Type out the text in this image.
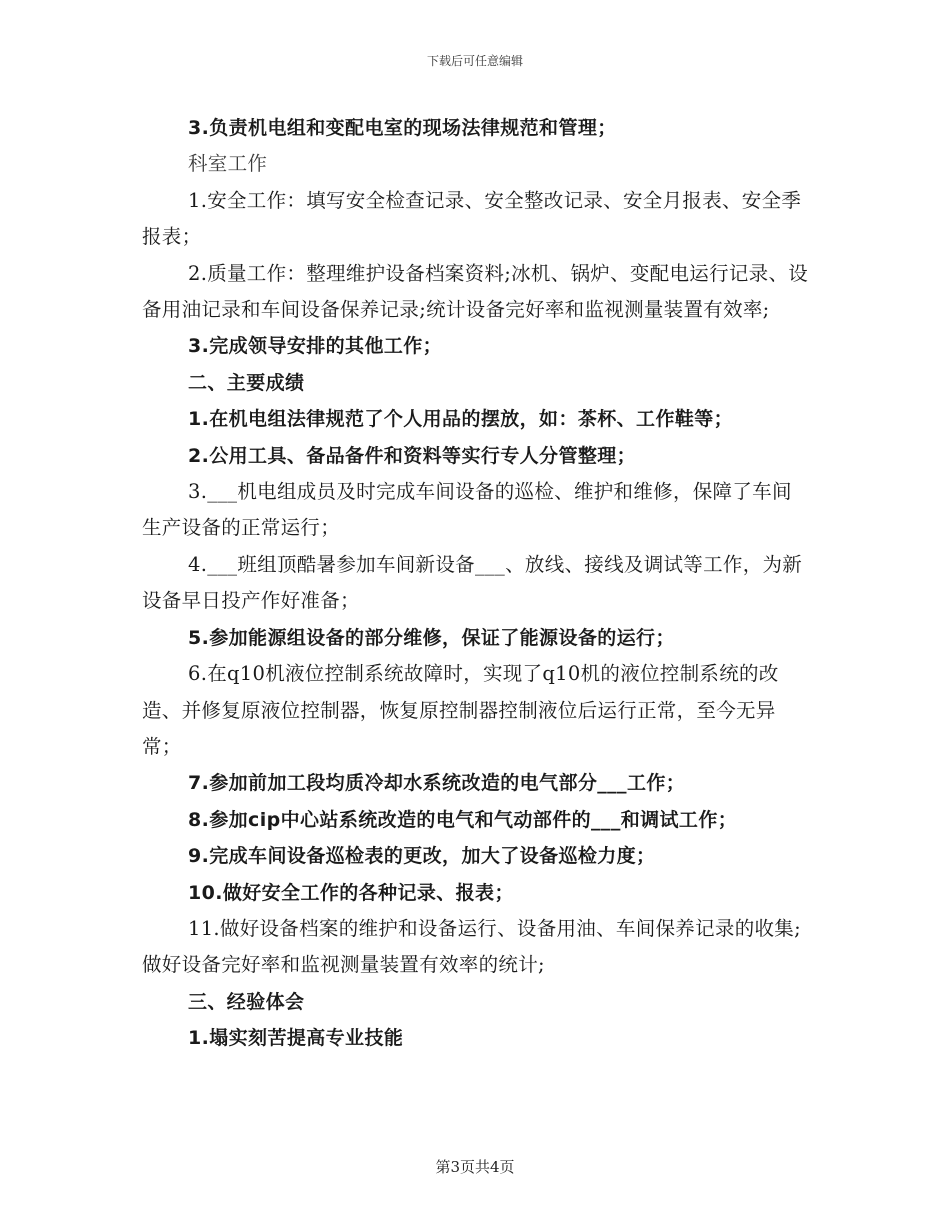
下载后可任意编辑

3.负责机电组和变配电室的现场法律规范和管理；

科室工作

1.安全工作：填写安全检查记录、安全整改记录、安全月报表、安全季报表；

2.质量工作：整理维护设备档案资料;冰机、锅炉、变配电运行记录、设备用油记录和车间设备保养记录;统计设备完好率和监视测量装置有效率;

3.完成领导安排的其他工作；

二、主要成绩

1.在机电组法律规范了个人用品的摆放，如：茶杯、工作鞋等；

2.公用工具、备品备件和资料等实行专人分管整理；

3.___机电组成员及时完成车间设备的巡检、维护和维修，保障了车间生产设备的正常运行；

4.___班组顶酷暑参加车间新设备___、放线、接线及调试等工作，为新设备早日投产作好准备；

5.参加能源组设备的部分维修，保证了能源设备的运行；

6.在q10机液位控制系统故障时，实现了q10机的液位控制系统的改造、并修复原液位控制器，恢复原控制器控制液位后运行正常，至今无异常；

7.参加前加工段均质冷却水系统改造的电气部分___工作；

8.参加cip中心站系统改造的电气和气动部件的___和调试工作；

9.完成车间设备巡检表的更改，加大了设备巡检力度；

10.做好安全工作的各种记录、报表；

11.做好设备档案的维护和设备运行、设备用油、车间保养记录的收集;做好设备完好率和监视测量装置有效率的统计;

三、经验体会

1.塌实刻苦提高专业技能

第3页共4页
